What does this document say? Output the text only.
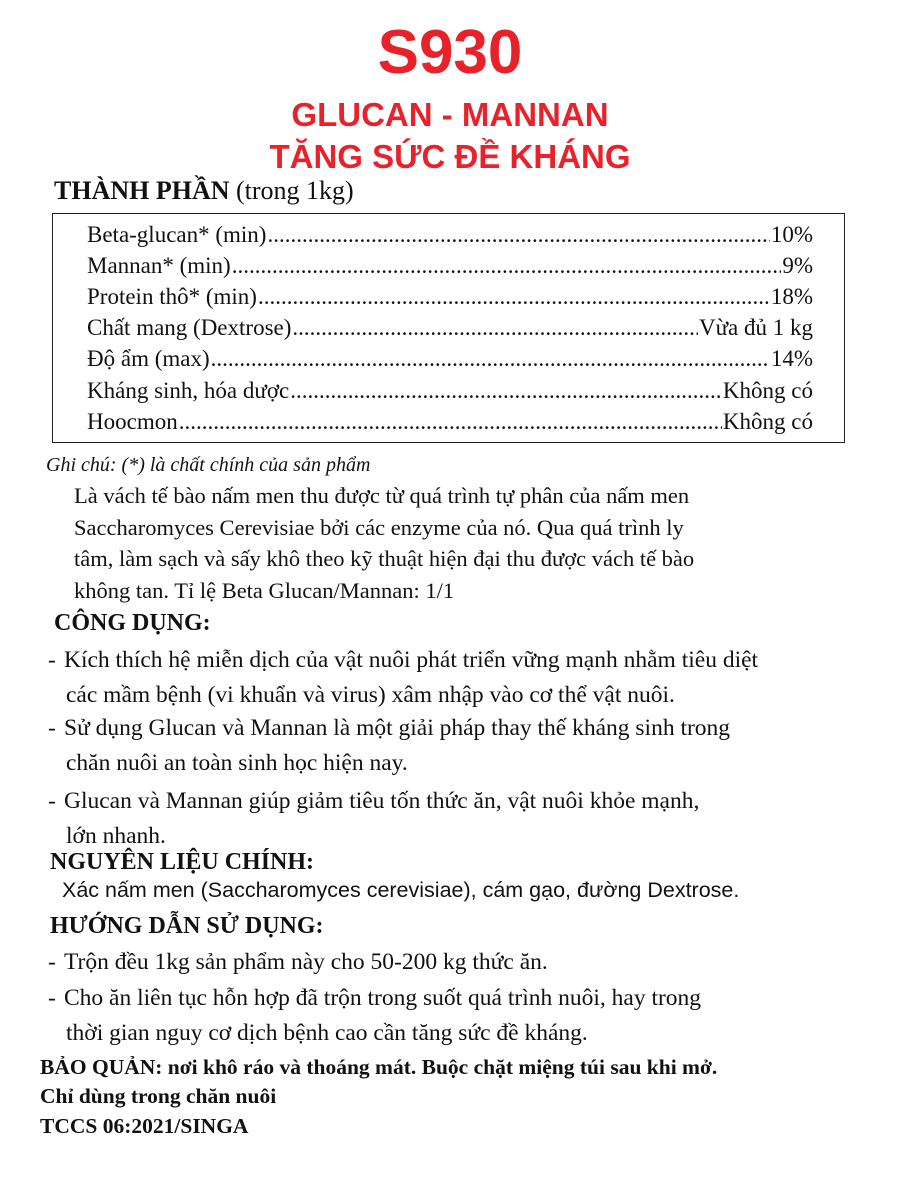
S930
GLUCAN - MANNAN
TĂNG SỨC ĐỀ KHÁNG
THÀNH PHẦN (trong 1kg)
Beta-glucan* (min) .....	10%
Mannan* (min) .....	9%
Protein thô* (min) .....	18%
Chất mang (Dextrose) .....	Vừa đủ 1 kg
Độ ẩm (max) .....	14%
Kháng sinh, hóa dược .....	Không có
Hoocmon .....	Không có
Ghi chú: (*) là chất chính của sản phẩm
Là vách tế bào nấm men thu được từ quá trình tự phân của nấm men
Saccharomyces Cerevisiae bởi các enzyme của nó. Qua quá trình ly
tâm, làm sạch và sấy khô theo kỹ thuật hiện đại thu được vách tế bào
không tan. Tỉ lệ Beta Glucan/Mannan: 1/1
CÔNG DỤNG:
- Kích thích hệ miễn dịch của vật nuôi phát triển vững mạnh nhằm tiêu diệt
các mầm bệnh (vi khuẩn và virus) xâm nhập vào cơ thể vật nuôi.
- Sử dụng Glucan và Mannan là một giải pháp thay thế kháng sinh trong
chăn nuôi an toàn sinh học hiện nay.
- Glucan và Mannan giúp giảm tiêu tốn thức ăn, vật nuôi khỏe mạnh,
lớn nhanh.
NGUYÊN LIỆU CHÍNH:
Xác nấm men (Saccharomyces cerevisiae), cám gạo, đường Dextrose.
HƯỚNG DẪN SỬ DỤNG:
- Trộn đều 1kg sản phẩm này cho 50-200 kg thức ăn.
- Cho ăn liên tục hỗn hợp đã trộn trong suốt quá trình nuôi, hay trong
thời gian nguy cơ dịch bệnh cao cần tăng sức đề kháng.
BẢO QUẢN: nơi khô ráo và thoáng mát. Buộc chặt miệng túi sau khi mở.
Chỉ dùng trong chăn nuôi
TCCS 06:2021/SINGA
